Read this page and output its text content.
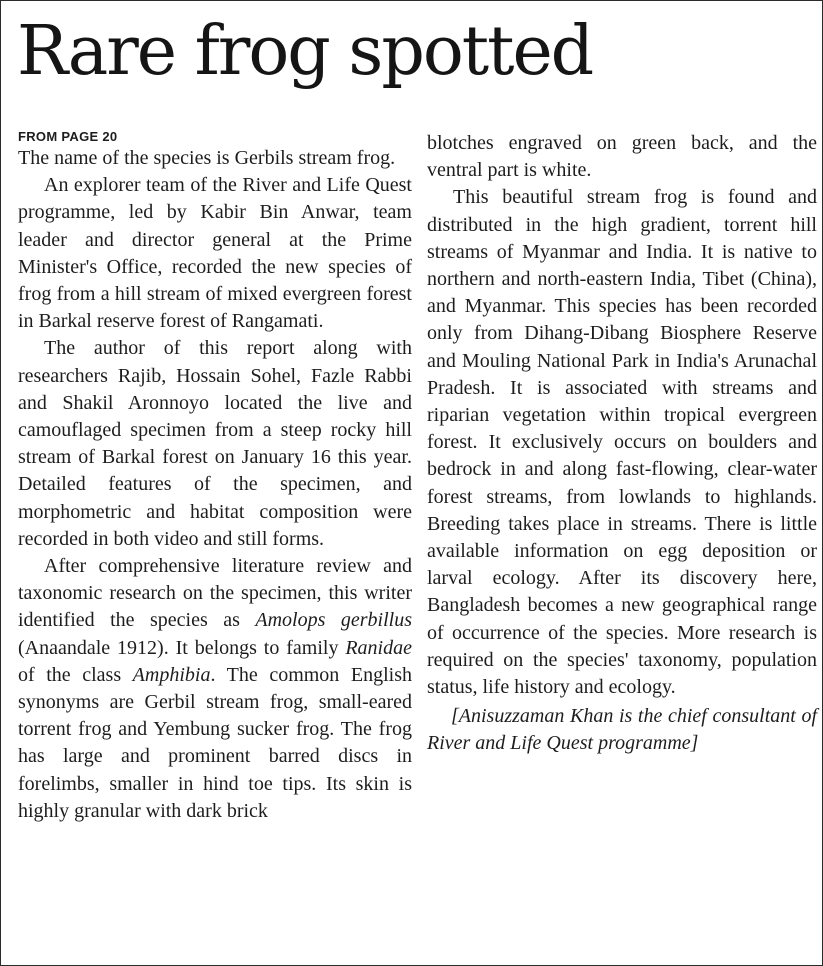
Rare frog spotted
FROM PAGE 20

The name of the species is Gerbils stream frog.

An explorer team of the River and Life Quest programme, led by Kabir Bin Anwar, team leader and director general at the Prime Minister's Office, recorded the new species of frog from a hill stream of mixed evergreen forest in Barkal reserve forest of Rangamati.

The author of this report along with researchers Rajib, Hossain Sohel, Fazle Rabbi and Shakil Aronnoyo located the live and camouflaged specimen from a steep rocky hill stream of Barkal forest on January 16 this year. Detailed features of the specimen, and morphometric and habitat composition were recorded in both video and still forms.

After comprehensive literature review and taxonomic research on the specimen, this writer identified the species as Amolops gerbillus (Anaandale 1912). It belongs to family Ranidae of the class Amphibia. The common English synonyms are Gerbil stream frog, small-eared torrent frog and Yembung sucker frog. The frog has large and prominent barred discs in forelimbs, smaller in hind toe tips. Its skin is highly granular with dark brick

blotches engraved on green back, and the ventral part is white.

This beautiful stream frog is found and distributed in the high gradient, torrent hill streams of Myanmar and India. It is native to northern and north-eastern India, Tibet (China), and Myanmar. This species has been recorded only from Dihang-Dibang Biosphere Reserve and Mouling National Park in India's Arunachal Pradesh. It is associated with streams and riparian vegetation within tropical evergreen forest. It exclusively occurs on boulders and bedrock in and along fast-flowing, clear-water forest streams, from lowlands to highlands. Breeding takes place in streams. There is little available information on egg deposition or larval ecology. After its discovery here, Bangladesh becomes a new geographical range of occurrence of the species. More research is required on the species' taxonomy, population status, life history and ecology.

[Anisuzzaman Khan is the chief consultant of River and Life Quest programme]
